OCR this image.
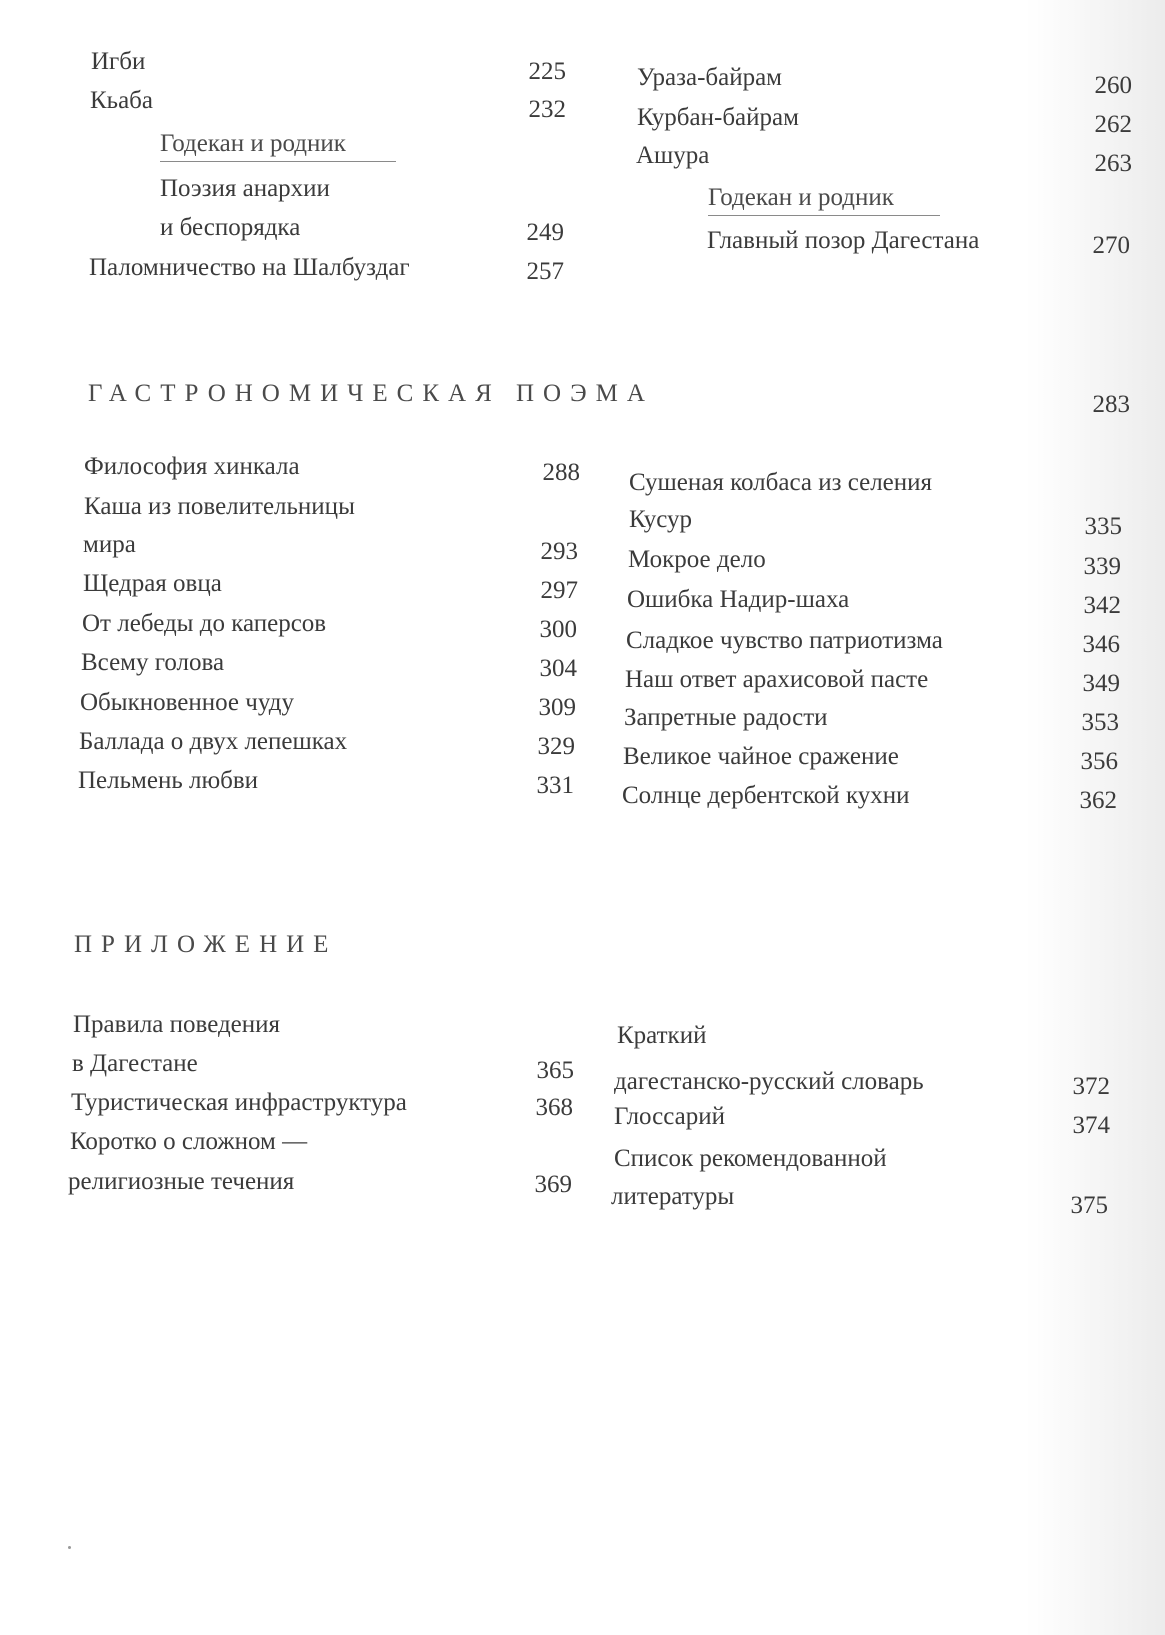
Игби	225
Кьаба	232
Годекан и родник
Поэзия анархии
и беспорядка	249
Паломничество на Шалбуздаг	257
Ураза-байрам	260
Курбан-байрам	262
Ашура	263
Годекан и родник
Главный позор Дагестана	270
ГАСТРОНОМИЧЕСКАЯ ПОЭМА	283
Философия хинкала	288
Каша из повелительницы
мира	293
Щедрая овца	297
От лебеды до каперсов	300
Всему голова	304
Обыкновенное чуду	309
Баллада о двух лепешках	329
Пельмень любви	331
Сушеная колбаса из селения
Кусур	335
Мокрое дело	339
Ошибка Надир-шаха	342
Сладкое чувство патриотизма	346
Наш ответ арахисовой пасте	349
Запретные радости	353
Великое чайное сражение	356
Солнце дербентской кухни	362
ПРИЛОЖЕНИЕ
Правила поведения
в Дагестане	365
Туристическая инфраструктура	368
Коротко о сложном —
религиозные течения	369
Краткий
дагестанско-русский словарь	372
Глоссарий	374
Список рекомендованной
литературы	375
